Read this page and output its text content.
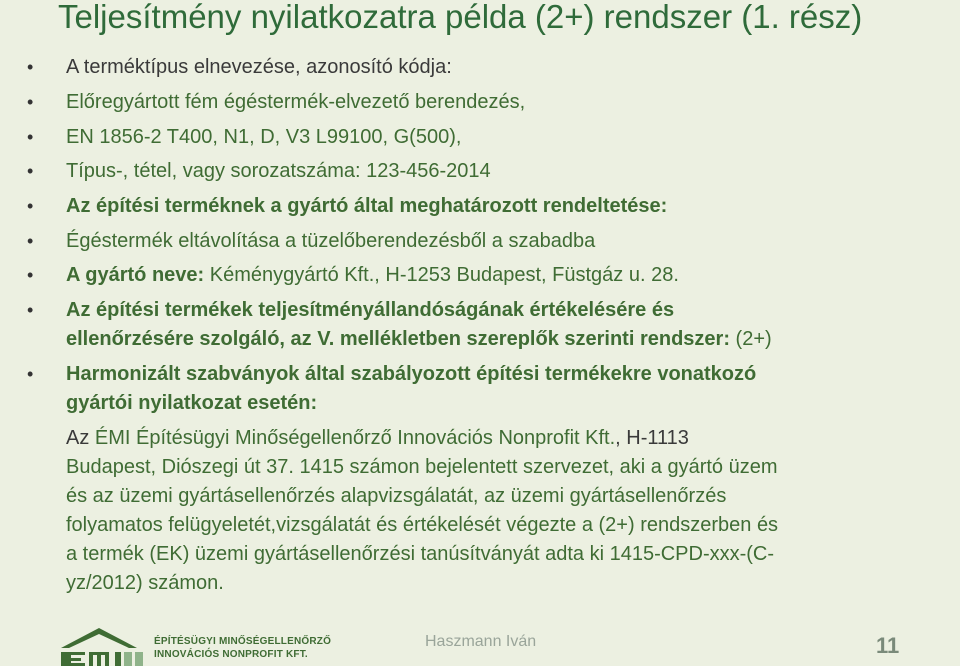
Teljesítmény nyilatkozatra példa (2+) rendszer (1. rész)
• A terméktípus elnevezése, azonosító kódja:
• Előregyártott fém égéstermék-elvezető berendezés,
• EN 1856-2 T400, N1, D, V3 L99100, G(500),
• Típus-, tétel, vagy sorozatszáma: 123-456-2014
• Az építési terméknek a gyártó által meghatározott rendeltetése:
• Égéstermék eltávolítása a tüzelőberendezésből a szabadba
• A gyártó neve: Kéménygyártó Kft., H-1253 Budapest, Füstgáz u. 28.
• Az építési termékek teljesítményállandóságának értékelésére és
ellenőrzésére szolgáló, az V. mellékletben szereplők szerinti rendszer: (2+)
• Harmonizált szabványok által szabályozott építési termékekre vonatkozó
gyártói nyilatkozat esetén:
Az ÉMI Építésügyi Minőségellenőrző Innovációs Nonprofit Kft., H-1113
Budapest, Diószegi út 37. 1415 számon bejelentett szervezet, aki a gyártó üzem
és az üzemi gyártásellenőrzés alapvizsgálatát, az üzemi gyártásellenőrzés
folyamatos felügyeletét,vizsgálatát és értékelését végezte a (2+) rendszerben és
a termék (EK) üzemi gyártásellenőrzési tanúsítványát adta ki 1415-CPD-xxx-(C-
yz/2012) számon.
ÉPÍTÉSÜGYI MINŐSÉGELLENŐRZŐ
INNOVÁCIÓS NONPROFIT KFT.
Haszmann Iván	11
